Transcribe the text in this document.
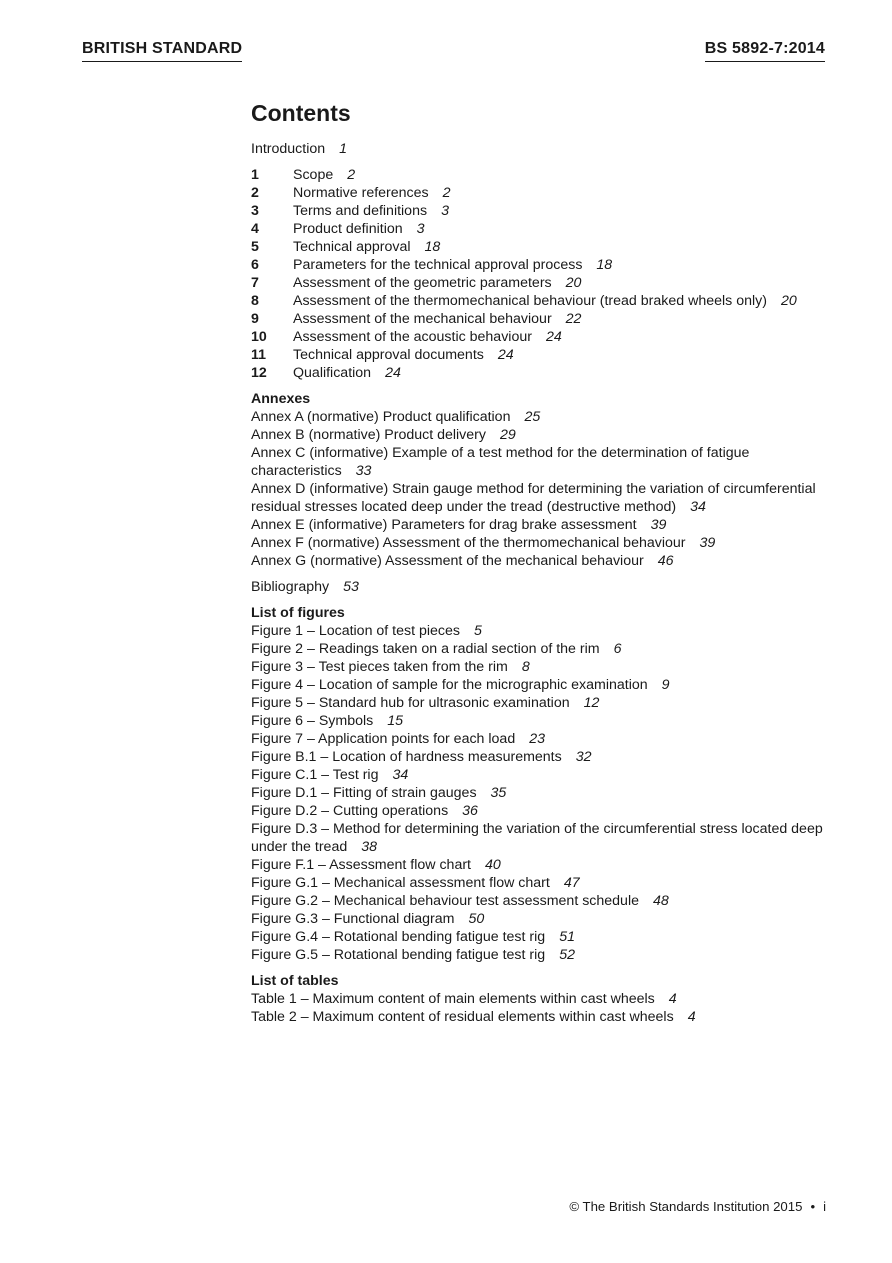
BRITISH STANDARD	BS 5892-7:2014
Contents
Introduction 1
1 Scope 2
2 Normative references 2
3 Terms and definitions 3
4 Product definition 3
5 Technical approval 18
6 Parameters for the technical approval process 18
7 Assessment of the geometric parameters 20
8 Assessment of the thermomechanical behaviour (tread braked wheels only) 20
9 Assessment of the mechanical behaviour 22
10 Assessment of the acoustic behaviour 24
11 Technical approval documents 24
12 Qualification 24
Annexes
Annex A (normative) Product qualification 25
Annex B (normative) Product delivery 29
Annex C (informative) Example of a test method for the determination of fatigue characteristics 33
Annex D (informative) Strain gauge method for determining the variation of circumferential residual stresses located deep under the tread (destructive method) 34
Annex E (informative) Parameters for drag brake assessment 39
Annex F (normative) Assessment of the thermomechanical behaviour 39
Annex G (normative) Assessment of the mechanical behaviour 46
Bibliography 53
List of figures
Figure 1 – Location of test pieces 5
Figure 2 – Readings taken on a radial section of the rim 6
Figure 3 – Test pieces taken from the rim 8
Figure 4 – Location of sample for the micrographic examination 9
Figure 5 – Standard hub for ultrasonic examination 12
Figure 6 – Symbols 15
Figure 7 – Application points for each load 23
Figure B.1 – Location of hardness measurements 32
Figure C.1 – Test rig 34
Figure D.1 – Fitting of strain gauges 35
Figure D.2 – Cutting operations 36
Figure D.3 – Method for determining the variation of the circumferential stress located deep under the tread 38
Figure F.1 – Assessment flow chart 40
Figure G.1 – Mechanical assessment flow chart 47
Figure G.2 – Mechanical behaviour test assessment schedule 48
Figure G.3 – Functional diagram 50
Figure G.4 – Rotational bending fatigue test rig 51
Figure G.5 – Rotational bending fatigue test rig 52
List of tables
Table 1 – Maximum content of main elements within cast wheels 4
Table 2 – Maximum content of residual elements within cast wheels 4
© The British Standards Institution 2015 • i
